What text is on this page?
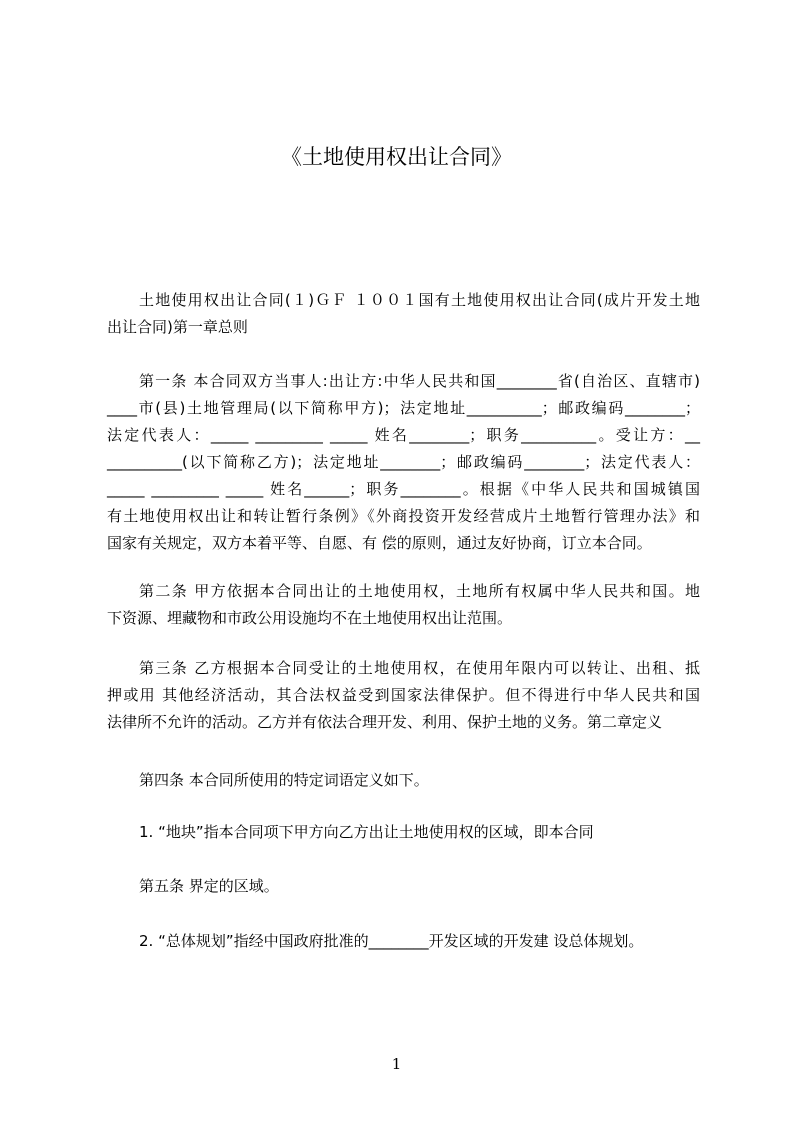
《土地使用权出让合同》
土地使用权出让合同(１)ＧＦ １００１国有土地使用权出让合同(成片开发土地
出让合同)第一章总则
第一条 本合同双方当事人:出让方:中华人民共和国________省(自治区、直辖市)
____市(县)土地管理局(以下简称甲方)；法定地址__________；邮政编码________；
法定代表人：_____ _________ _____ 姓名________；职务__________。受让方：__
__________(以下简称乙方)；法定地址________；邮政编码________；法定代表人：
_____ _________ _____ 姓名______；职务________。根据《中华人民共和国城镇国
有土地使用权出让和转让暂行条例》《外商投资开发经营成片土地暂行管理办法》和
国家有关规定，双方本着平等、自愿、有 偿的原则，通过友好协商，订立本合同。
第二条 甲方依据本合同出让的土地使用权，土地所有权属中华人民共和国。地
下资源、埋藏物和市政公用设施均不在土地使用权出让范围。
第三条 乙方根据本合同受让的土地使用权，在使用年限内可以转让、出租、抵
押或用 其他经济活动，其合法权益受到国家法律保护。但不得进行中华人民共和国
法律所不允许的活动。乙方并有依法合理开发、利用、保护土地的义务。第二章定义
第四条 本合同所使用的特定词语定义如下。
1. “地块”指本合同项下甲方向乙方出让土地使用权的区域，即本合同
第五条 界定的区域。
2. “总体规划”指经中国政府批准的________开发区域的开发建 设总体规划。
1
